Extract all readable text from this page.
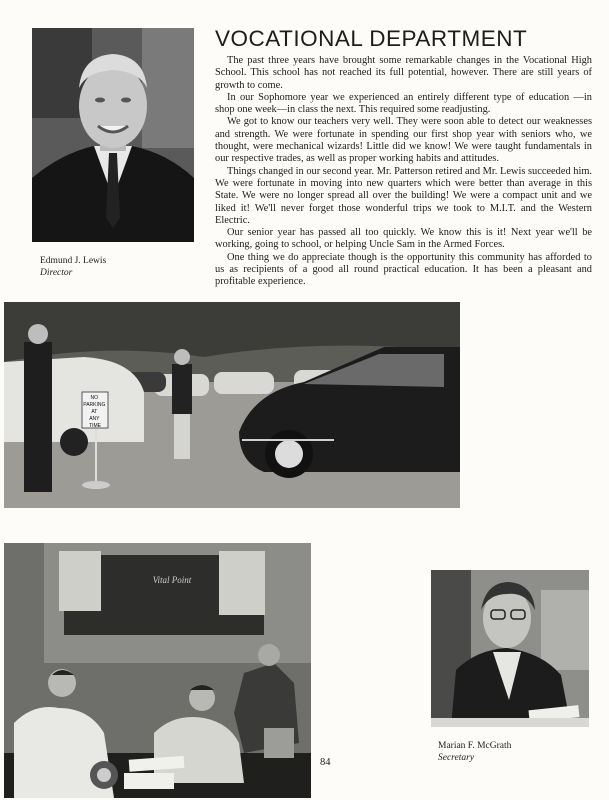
Edmund J. Lewis
Director
VOCATIONAL DEPARTMENT

The past three years have brought some remarkable changes in the Vocational High School. This school has not reached its full potential, however. There are still years of growth to come.

In our Sophomore year we experienced an entirely different type of education —in shop one week—in class the next. This required some readjusting.

We got to know our teachers very well. They were soon able to detect our weaknesses and strength. We were fortunate in spending our first shop year with seniors who, we thought, were mechanical wizards! Little did we know! We were taught fundamentals in our respective trades, as well as proper working habits and attitudes.

Things changed in our second year. Mr. Patterson retired and Mr. Lewis succeeded him. We were fortunate in moving into new quarters which were better than average in this State. We were no longer spread all over the building! We were a compact unit and we liked it! We'll never forget those wonderful trips we took to M.I.T. and the Western Electric.

Our senior year has passed all too quickly. We know this is it! Next year we'll be working, going to school, or helping Uncle Sam in the Armed Forces.

One thing we do appreciate though is the opportunity this community has afforded to us as recipients of a good all round practical education. It has been a pleasant and profitable experience.

NO PARKING AT ANY TIME
Vital Point
Marian F. McGrath
Secretary
84
